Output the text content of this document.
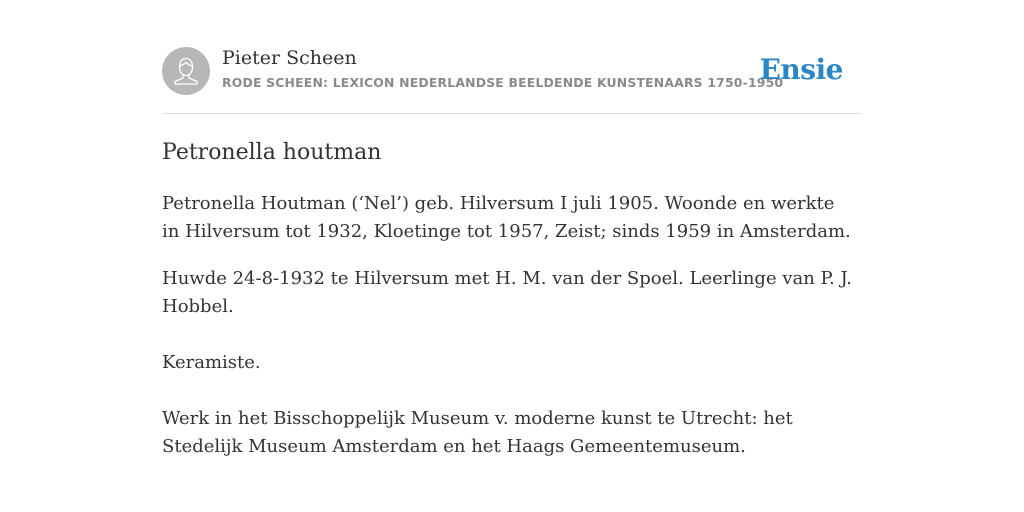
Pieter Scheen
RODE SCHEEN: LEXICON NEDERLANDSE BEELDENDE KUNSTENAARS 1750-1950
Ensie
Petronella houtman

Petronella Houtman (‘Nel’) geb. Hilversum I juli 1905. Woonde en werkte in Hilversum tot 1932, Kloetinge tot 1957, Zeist; sinds 1959 in Amsterdam.

Huwde 24-8-1932 te Hilversum met H. M. van der Spoel. Leerlinge van P. J. Hobbel.

Keramiste.

Werk in het Bisschoppelijk Museum v. moderne kunst te Utrecht: het Stedelijk Museum Amsterdam en het Haags Gemeentemuseum.
